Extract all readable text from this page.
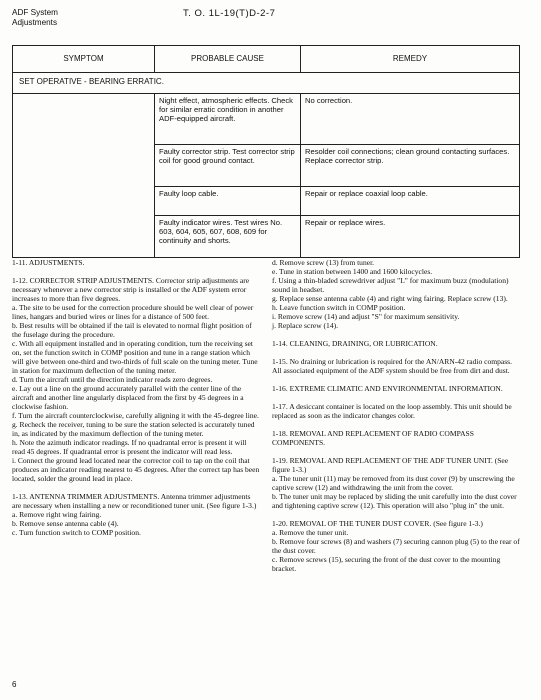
ADF System
Adjustments
T. O. 1L-19(T)D-2-7
SYMPTOM	PROBABLE CAUSE	REMEDY
SET OPERATIVE - BEARING ERRATIC.		
	Night effect, atmospheric effects. Check for similar erratic condition in another ADF-equipped aircraft.	No correction.
	Faulty corrector strip. Test corrector strip coil for good ground contact.	Resolder coil connections; clean ground contacting surfaces. Replace corrector strip.
	Faulty loop cable.	Repair or replace coaxial loop cable.
	Faulty indicator wires. Test wires No. 603, 604, 605, 607, 608, 609 for continuity and shorts.	Repair or replace wires.

1-11. ADJUSTMENTS.

1-12. CORRECTOR STRIP ADJUSTMENTS. Corrector strip adjustments are necessary whenever a new corrector strip is installed or the ADF system error increases to more than five degrees.

a. The site to be used for the correction procedure should be well clear of power lines, hangars and buried wires or lines for a distance of 500 feet.

b. Best results will be obtained if the tail is elevated to normal flight position of the fuselage during the procedure.

c. With all equipment installed and in operating condition, turn the receiving set on, set the function switch in COMP position and tune in a range station which will give between one-third and two-thirds of full scale on the tuning meter. Tune in station for maximum deflection of the tuning meter.

d. Turn the aircraft until the direction indicator reads zero degrees.

e. Lay out a line on the ground accurately parallel with the center line of the aircraft and another line angularly displaced from the first by 45 degrees in a clockwise fashion.

f. Turn the aircraft counterclockwise, carefully aligning it with the 45-degree line.

g. Recheck the receiver, tuning to be sure the station selected is accurately tuned in, as indicated by the maximum deflection of the tuning meter.

h. Note the azimuth indicator readings. If no quadrantal error is present it will read 45 degrees. If quadrantal error is present the indicator will read less.

i. Connect the ground lead located near the corrector coil to tap on the coil that produces an indicator reading nearest to 45 degrees. After the correct tap has been located, solder the ground lead in place.

1-13. ANTENNA TRIMMER ADJUSTMENTS. Antenna trimmer adjustments are necessary when installing a new or reconditioned tuner unit. (See figure 1-3.)

a. Remove right wing fairing.

b. Remove sense antenna cable (4).

c. Turn function switch to COMP position.

d. Remove screw (13) from tuner.

e. Tune in station between 1400 and 1600 kilocycles.

f. Using a thin-bladed screwdriver adjust "L" for maximum buzz (modulation) sound in headset.

g. Replace sense antenna cable (4) and right wing fairing. Replace screw (13).

h. Leave function switch in COMP position.

i. Remove screw (14) and adjust "S" for maximum sensitivity.

j. Replace screw (14).

1-14. CLEANING, DRAINING, OR LUBRICATION.

1-15. No draining or lubrication is required for the AN/ARN-42 radio compass. All associated equipment of the ADF system should be free from dirt and dust.

1-16. EXTREME CLIMATIC AND ENVIRONMENTAL INFORMATION.

1-17. A desiccant container is located on the loop assembly. This unit should be replaced as soon as the indicator changes color.

1-18. REMOVAL AND REPLACEMENT OF RADIO COMPASS COMPONENTS.

1-19. REMOVAL AND REPLACEMENT OF THE ADF TUNER UNIT. (See figure 1-3.)

a. The tuner unit (11) may be removed from its dust cover (9) by unscrewing the captive screw (12) and withdrawing the unit from the cover.

b. The tuner unit may be replaced by sliding the unit carefully into the dust cover and tightening captive screw (12). This operation will also "plug in" the unit.

1-20. REMOVAL OF THE TUNER DUST COVER. (See figure 1-3.)

a. Remove the tuner unit.

b. Remove four screws (8) and washers (7) securing cannon plug (5) to the rear of the dust cover.

c. Remove screws (15), securing the front of the dust cover to the mounting bracket.

6
